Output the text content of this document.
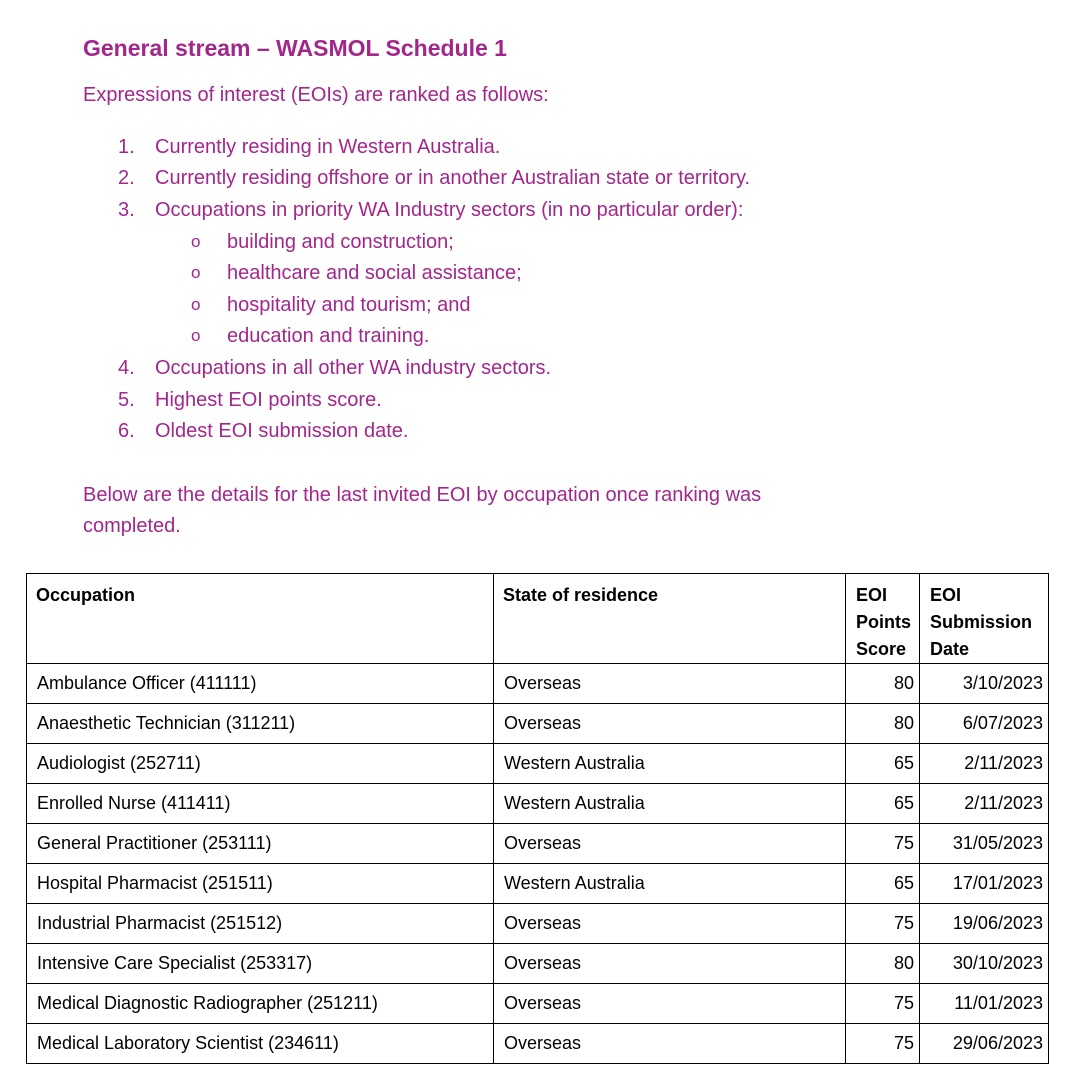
General stream – WASMOL Schedule 1

Expressions of interest (EOIs) are ranked as follows:

1. Currently residing in Western Australia.
2. Currently residing offshore or in another Australian state or territory.
3. Occupations in priority WA Industry sectors (in no particular order):
o building and construction;
o healthcare and social assistance;
o hospitality and tourism; and
o education and training.
4. Occupations in all other WA industry sectors.
5. Highest EOI points score.
6. Oldest EOI submission date.

Below are the details for the last invited EOI by occupation once ranking was completed.

Occupation	State of residence	EOI Points Score	EOI Submission Date
Ambulance Officer (411111)	Overseas	80	3/10/2023
Anaesthetic Technician (311211)	Overseas	80	6/07/2023
Audiologist (252711)	Western Australia	65	2/11/2023
Enrolled Nurse (411411)	Western Australia	65	2/11/2023
General Practitioner (253111)	Overseas	75	31/05/2023
Hospital Pharmacist (251511)	Western Australia	65	17/01/2023
Industrial Pharmacist (251512)	Overseas	75	19/06/2023
Intensive Care Specialist (253317)	Overseas	80	30/10/2023
Medical Diagnostic Radiographer (251211)	Overseas	75	11/01/2023
Medical Laboratory Scientist (234611)	Overseas	75	29/06/2023
